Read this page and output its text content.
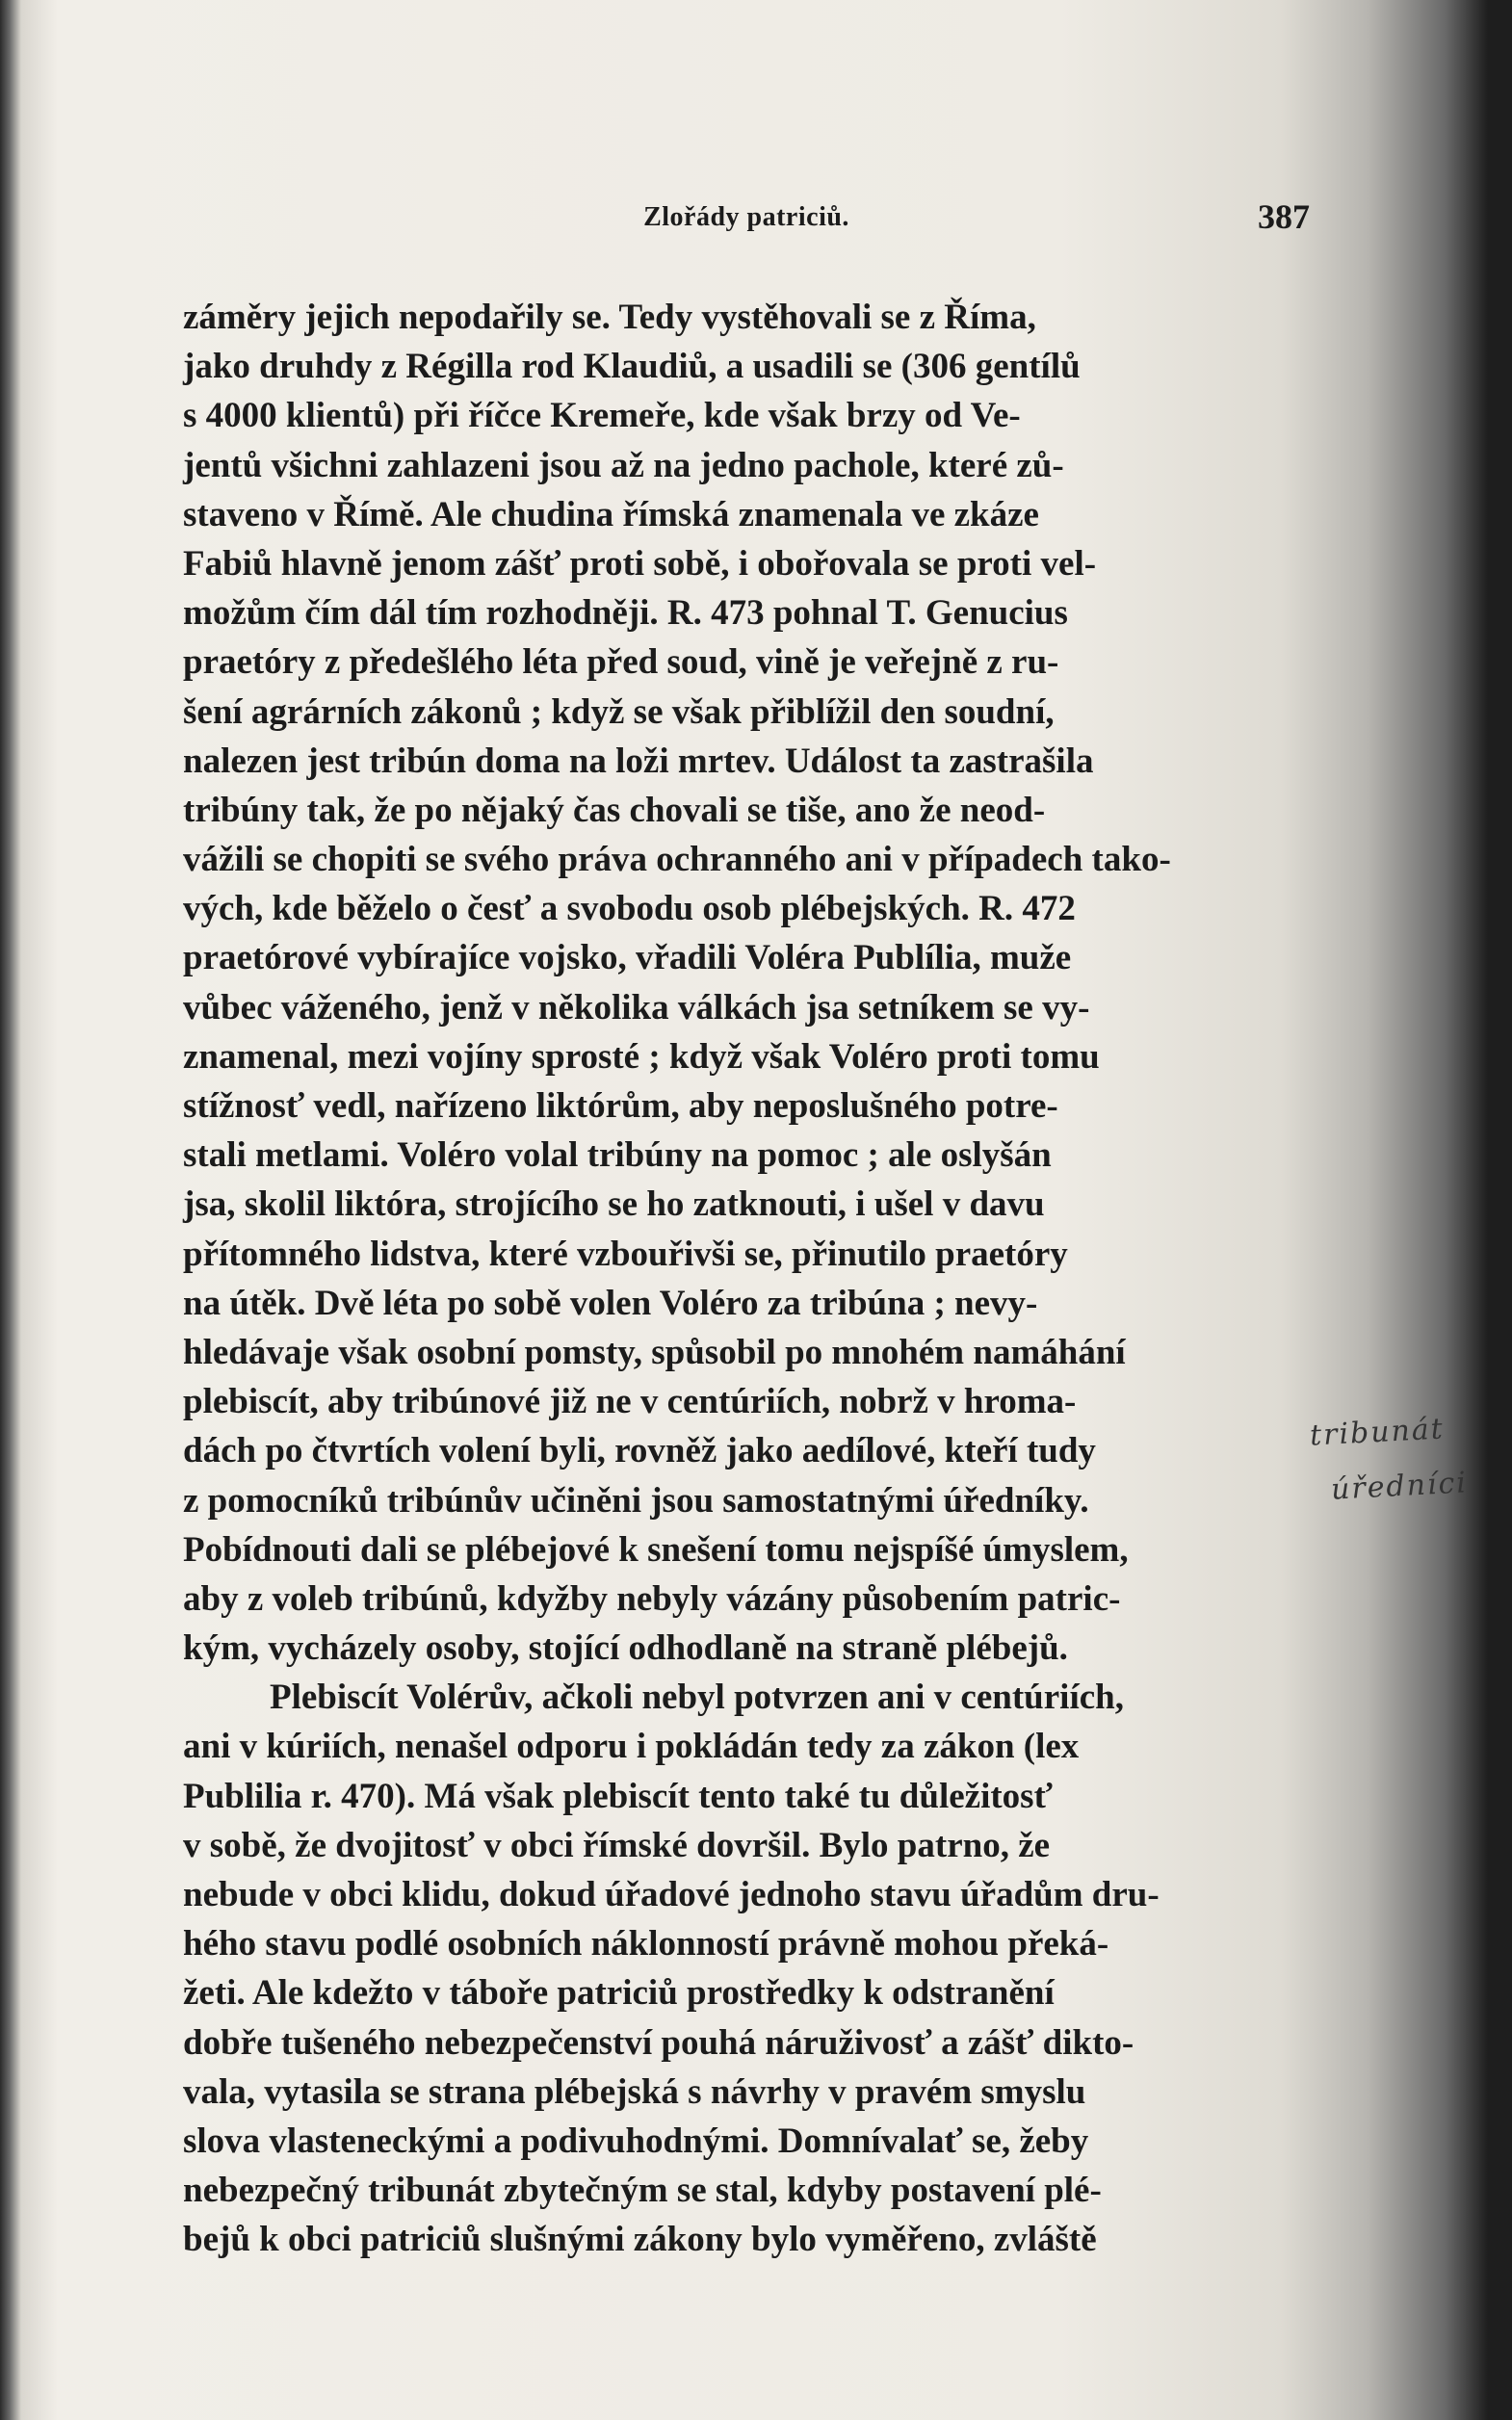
Zlořády patriciů.	387
záměry jejich nepodařily se. Tedy vystěhovali se z Říma,
jako druhdy z Régilla rod Klaudiů, a usadili se (306 gentílů
s 4000 klientů) při říčce Kremeře, kde však brzy od Ve-
jentů všichni zahlazeni jsou až na jedno pachole, které zů-
staveno v Římě. Ale chudina římská znamenala ve zkáze
Fabiů hlavně jenom zášť proti sobě, i obořovala se proti vel-
možům čím dál tím rozhodněji. R. 473 pohnal T. Genucius
praetóry z předešlého léta před soud, vině je veřejně z ru-
šení agrárních zákonů ; když se však přiblížil den soudní,
nalezen jest tribún doma na loži mrtev. Událost ta zastrašila
tribúny tak, že po nějaký čas chovali se tiše, ano že neod-
vážili se chopiti se svého práva ochranného ani v případech tako-
vých, kde běželo o česť a svobodu osob plébejských. R. 472
praetórové vybírajíce vojsko, vřadili Voléra Publília, muže
vůbec váženého, jenž v několika válkách jsa setníkem se vy-
znamenal, mezi vojíny sprosté ; když však Voléro proti tomu
stížnosť vedl, nařízeno liktórům, aby neposlušného potre-
stali metlami. Voléro volal tribúny na pomoc ; ale oslyšán
jsa, skolil liktóra, strojícího se ho zatknouti, i ušel v davu
přítomného lidstva, které vzbouřivši se, přinutilo praetóry
na útěk. Dvě léta po sobě volen Voléro za tribúna ; nevy-
hledávaje však osobní pomsty, spůsobil po mnohém namáhání
plebiscít, aby tribúnové již ne v centúriích, nobrž v hroma-
dách po čtvrtích volení byli, rovněž jako aedílové, kteří tudy
z pomocníků tribúnův učiněni jsou samostatnými úředníky.
Pobídnouti dali se plébejové k snešení tomu nejspíšé úmyslem,
aby z voleb tribúnů, kdyžby nebyly vázány působením patric-
kým, vycházely osoby, stojící odhodlaně na straně plébejů.
Plebiscít Volérův, ačkoli nebyl potvrzen ani v centúriích,
ani v kúriích, nenašel odporu i pokládán tedy za zákon (lex
Publilia r. 470). Má však plebiscít tento také tu důležitosť
v sobě, že dvojitosť v obci římské dovršil. Bylo patrno, že
nebude v obci klidu, dokud úřadové jednoho stavu úřadům dru-
hého stavu podlé osobních náklonností právně mohou překá-
žeti. Ale kdežto v táboře patriciů prostředky k odstranění
dobře tušeného nebezpečenství pouhá náruživosť a zášť dikto-
vala, vytasila se strana plébejská s návrhy v pravém smyslu
slova vlasteneckými a podivuhodnými. Domnívalať se, žeby
nebezpečný tribunát zbytečným se stal, kdyby postavení plé-
bejů k obci patriciů slušnými zákony bylo vyměřeno, zvláště
tribunát
úředníci
